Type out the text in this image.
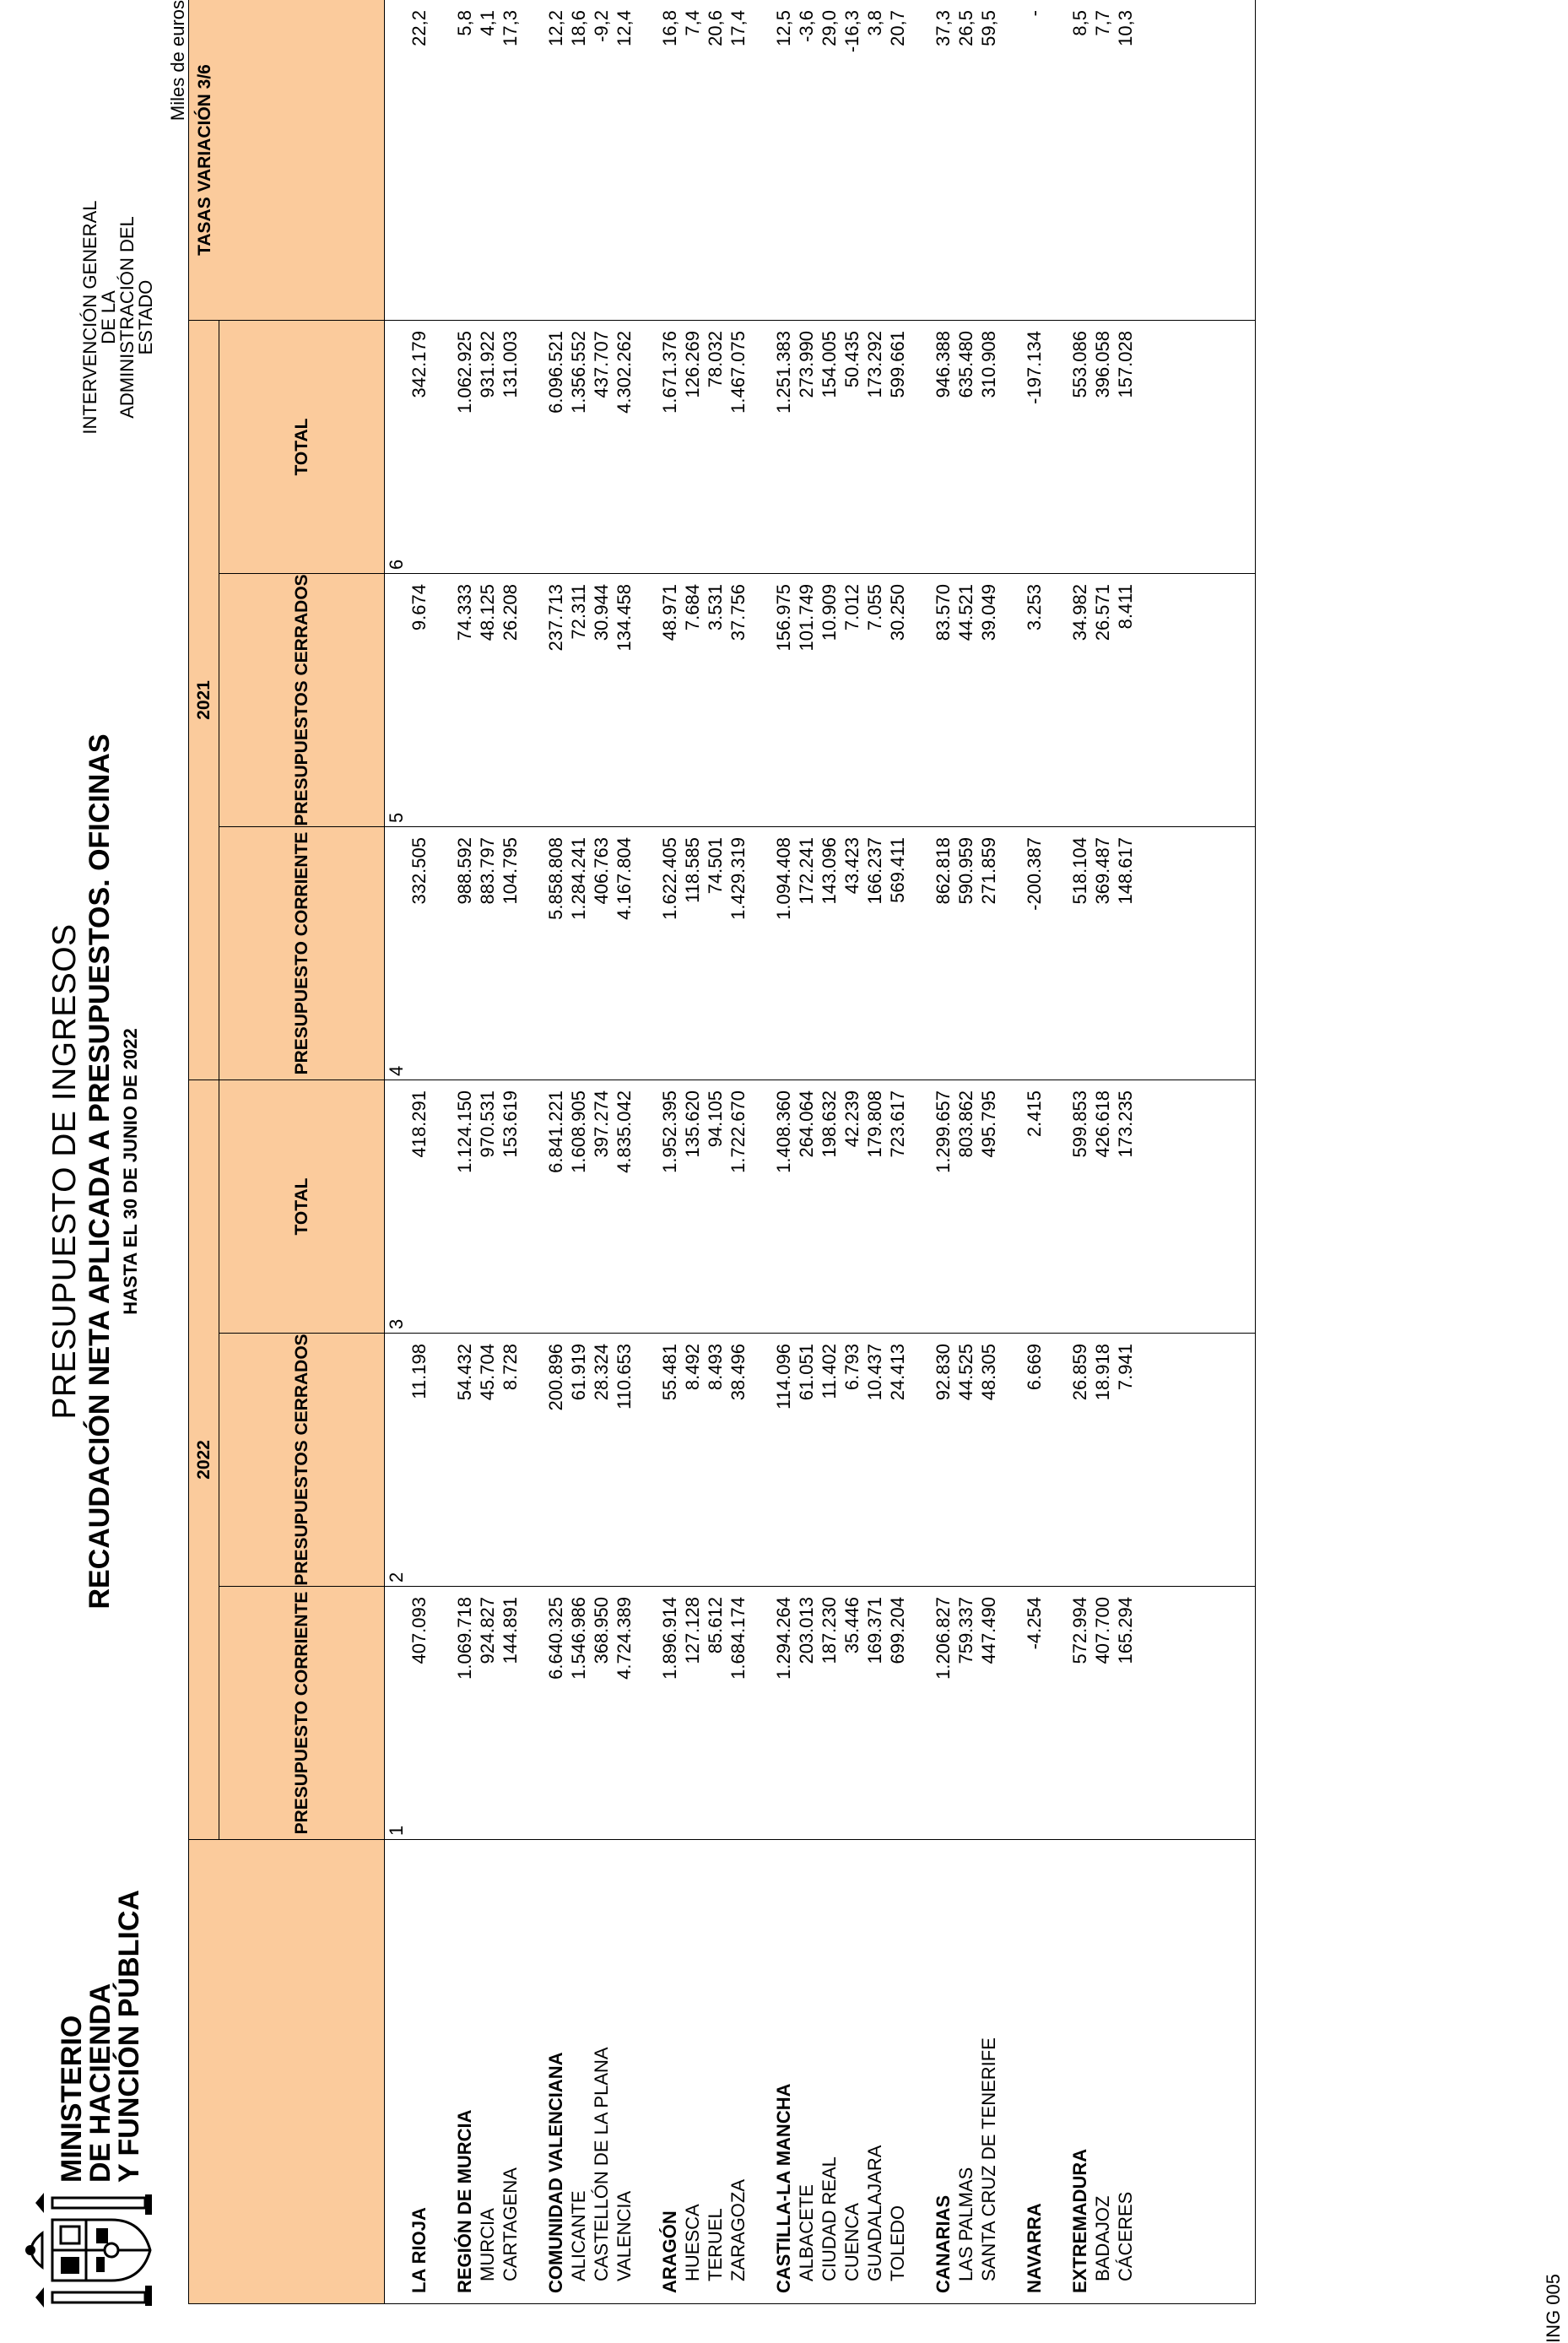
MINISTERIO
DE HACIENDA
Y FUNCIÓN PÚBLICA
INTERVENCIÓN GENERAL DE LA
ADMINISTRACIÓN DEL ESTADO
PRESUPUESTO DE INGRESOS RECAUDACIÓN NETA APLICADA A PRESUPUESTOS. OFICINAS HASTA EL 30 DE JUNIO DE 2022
Miles de euros
	2022			2021			TASAS VARIACIÓN 3/6
	PRESUPUESTO CORRIENTE	PRESUPUESTOS CERRADOS	TOTAL	PRESUPUESTO CORRIENTE	PRESUPUESTOS CERRADOS	TOTAL	
	1	2	3	4	5	6	
LA RIOJA	407.093	11.198	418.291	332.505	9.674	342.179	22,2

REGIÓN DE MURCIA	1.069.718	54.432	1.124.150	988.592	74.333	1.062.925	5,8
MURCIA	924.827	45.704	970.531	883.797	48.125	931.922	4,1
CARTAGENA	144.891	8.728	153.619	104.795	26.208	131.003	17,3

COMUNIDAD VALENCIANA	6.640.325	200.896	6.841.221	5.858.808	237.713	6.096.521	12,2
ALICANTE	1.546.986	61.919	1.608.905	1.284.241	72.311	1.356.552	18,6
CASTELLÓN DE LA PLANA	368.950	28.324	397.274	406.763	30.944	437.707	-9,2
VALENCIA	4.724.389	110.653	4.835.042	4.167.804	134.458	4.302.262	12,4

ARAGÓN	1.896.914	55.481	1.952.395	1.622.405	48.971	1.671.376	16,8
HUESCA	127.128	8.492	135.620	118.585	7.684	126.269	7,4
TERUEL	85.612	8.493	94.105	74.501	3.531	78.032	20,6
ZARAGOZA	1.684.174	38.496	1.722.670	1.429.319	37.756	1.467.075	17,4

CASTILLA-LA MANCHA	1.294.264	114.096	1.408.360	1.094.408	156.975	1.251.383	12,5
ALBACETE	203.013	61.051	264.064	172.241	101.749	273.990	-3,6
CIUDAD REAL	187.230	11.402	198.632	143.096	10.909	154.005	29,0
CUENCA	35.446	6.793	42.239	43.423	7.012	50.435	-16,3
GUADALAJARA	169.371	10.437	179.808	166.237	7.055	173.292	3,8
TOLEDO	699.204	24.413	723.617	569.411	30.250	599.661	20,7

CANARIAS	1.206.827	92.830	1.299.657	862.818	83.570	946.388	37,3
LAS PALMAS	759.337	44.525	803.862	590.959	44.521	635.480	26,5
SANTA CRUZ DE TENERIFE	447.490	48.305	495.795	271.859	39.049	310.908	59,5

NAVARRA	-4.254	6.669	2.415	-200.387	3.253	-197.134	-

EXTREMADURA	572.994	26.859	599.853	518.104	34.982	553.086	8,5
BADAJOZ	407.700	18.918	426.618	369.487	26.571	396.058	7,7
CÁCERES	165.294	7.941	173.235	148.617	8.411	157.028	10,3

ING 005
